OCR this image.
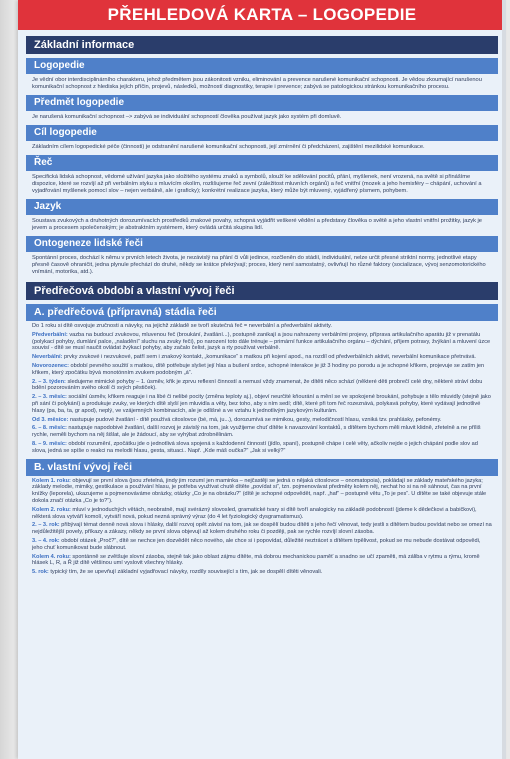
PŘEHLEDOVÁ KARTA – LOGOPEDIE
Základní informace
Logopedie
Je vědní obor interdisciplinárního charakteru, jehož předmětem jsou zákonitosti vzniku, eliminování a prevence narušené komunikační schopnosti. Je vědou zkoumající narušenou komunikační schopnost z hlediska jejích příčin, projevů, následků, možností diagnostiky, terapie i prevence; zabývá se patologickou stránkou komunikačního procesu.
Předmět logopedie
Je narušená komunikační schopnost –> zabývá se individuální schopností člověka používat jazyk jako systém při domluvě.
Cíl logopedie
Základním cílem logopedické péče (činnosti) je odstranění narušené komunikační schopnosti, její zmírnění či předcházení, zajištění mezilidské komunikace.
Řeč
Specifická lidská schopnost, vědomé užívání jazyka jako složitého systému znaků a symbolů, slouží ke sdělování pocitů, přání, myšlenek, není vrozená, na světě si přinášíme dispozice, které se rozvíjí až při verbálním styku s mluvícím okolím, rozlišujeme řeč zevní (záležitost mluvních orgánů) a řeč vnitřní (mozek a jeho hemisféry – chápání, uchování a vyjadřování myšlenek pomocí slov – nejen verbálně, ale i graficky); konkrétní realizace jazyka, který může být mluvený, vyjádřený písmem, pohybem.
Jazyk
Soustava zvukových a druhotných dorozumívacích prostředků znakové povahy, schopná vyjádřit veškeré vědění a představy člověka o světě a jeho vlastní vnitřní prožitky, jazyk je jevem a procesem společenským; je abstraktním systémem, který ovládá určitá skupina lidí.
Ontogeneze lidské řeči
Spontánní proces, dochází k němu v prvních letech života, je nezávislý na přání či vůli jedince, rozčleněn do stádií, individuální, nelze určit přesné striktní normy, jednotlivé etapy přesně časově ohraničit, jedna plynule přechází do druhé, někdy se krátce překrývají; proces, který není samostatný, ovlivňují ho různé faktory (socializace, vývoj senzomotorického vnímání, motorika, atd.).
Předřečová období a vlastní vývoj řeči
A. předřečová (přípravná) stádia řeči
Do 1 roku si dítě osvojuje zručnosti a návyky, na jejichž základě se tvoří skutečná řeč = neverbální a předverbální aktivity.
Předverbální: vazba na budoucí zvukovou, mluvenou řeč (broukání, žvatlání...), postupně zanikají a jsou nahrazeny verbálními projevy, příprava artikulačního aparátu již v prenatálu (polykací pohyby, dumlání palce, „naladění“ sluchu na zvuky řeči), po narození toto dále trénuje – primární funkce artikulačního orgánu – dýchání, příjem potravy, žvýkání a mluvení úzce souvisí - dítě se musí naučit ovládat žvýkací pohyby, aby začalo čelist, jazyk a rty používat verbálně.
Neverbální: prvky zvukové i nezvukové, patří sem i znakový kontakt, „komunikace“ s matkou při kojení apod., na rozdíl od předverbálních aktivit, neverbální komunikace přetrvává.
Novorozenec: období pevného soužití s matkou, dítě potřebuje slyšet její hlas a bušení srdce, schopné interakce je již 3 hodiny po porodu a je schopné křikem, projevuje se zatím jen křikem, který zpočátku bývá monotónním zvukem podobným „á“.
2. – 3. týden: sledujeme mimické pohyby – 1. úsměv, křik je zprvu reflexní činností a nemusí vždy znamenat, že dítěti něco schází (některé děti probrečí celé dny, některé stráví dobu bdění pozorováním svého okolí či svých pěstiček).
2. – 3. měsíc: sociální úsměv, křikem reaguje i na libé či nelibé pocity (změna teploty aj.), objeví neurčité kňourání a mění se ve spokojené broukání, pohybuje s tělo mluvidly (stejně jako při sání či polykání) a produkuje zvuky, ve kterých dítě slyší jen mluvidla a věty, bez toho, aby s ním sedí; dítě, které při tom řeč rozeznává, polykavá pohyby, které vydávají jednotlivé hlasy (pa, ba, ta, gr apod), neplý, ve vzájemných kombinacích, ale je odlišné a ve vztahu k jednotlivým jazykovým kulturám.
Od 3. měsíce: nastupuje pudové žvatlání - dítě používá citoslovce (bé, má, ju...), dorozumívá se mimikou, gesty, melodičností hlasu, vzniká tzv. prahlásky, pefonémy.
6. – 8. měsíc: nastupuje napodobivé žvatlání, další rozvoj je závislý na tom, jak využijeme chuť dítěte k navazování kontaktů, s dítětem bychom měli mluvit klidně, zřetelně a ne příliš rychle, neměli bychom na něj šišlat, ale je žádoucí, aby se vyhýbat zdrobnělinám.
8. – 9. měsíc: období rozumění, zpočátku jde o jednotlivá slova spojená s každodenní činností (jídlo, spaní), postupně chápe i celé věty, ačkoliv nejde o jejich chápání podle slov ad slova, jedná se spíše o reakci na melodii hlasu, gesta, situaci.. Např. „Kde máš oučka?“ „Jak si velký?“
B. vlastní vývoj řeči
Kolem 1. roku: objevují se první slova (jsou zřetelná, jindy jim rozumí jen maminka – nejčastěji se jedná o nějaká citoslovce – onomatopoia), pokládají se základy mateřského jazyka; základy melodie, mimiky, gestikulace a používání hlasu, je potřeba využívat chutě dítěte „povídat si“, tzn. pojmenovávat předměty kolem něj, nechat ho si na ně sáhnout, čas na první knížky (leporela), ukazujeme a pojmenováváme obrázky, otázky „Co je na obrázku?“ (dítě je schopné odpovědět, např. „haf“ – postupně větu „To je pes“. U dítěte se také objevuje stále dokola značí otázka „Co je to?“).
Kolem 2. roku: mluví v jednoduchých větách, neobratně, mají svérázný slovosled, gramatické tvary si dítě tvoří analogicky na základě podobností (jdeme k dědečkovi a babičkovi), některá slova vytváří komolí, vytváří nová, pokud nezná správný výraz (do 4 let fyziologický dysgramatismus).
2. – 3. rok: přibývají témat denně nová slova i hlásky, další rozvoj opět závisí na tom, jak se dospělí budou dítěti s jeho řečí věnovat, tedy jestli s dítětem budou povídat nebo se omezí na nejdůležitější povely, příkazy a zákazy, někdy se první slova objevují až kolem druhého roku či později, pak se rychle rozvíjí slovní zásoba.
3. – 4. rok: období otázek „Proč?“, dítě se nechce jen dozvědět něco nového, ale chce si i popovídat, důležité neztrácet s dítětem trpělivost, pokud se mu nebude dostávat odpovědi, jeho chuť komunikovat bude slábnout.
Kolem 4. roku: spontánně se zvětšuje slovní zásoba, stejně tak jako oblast zájmu dítěte, má dobrou mechanickou paměť a snadno se učí zpaměti, má záliba v rytmu a rýmu, kromě hlásek L, R, a Ř již dítě většinou umí vyslovit všechny hlásky.
5. rok: typický tím, že se upevňují základní vyjadřovací návyky, rozdíly související s tím, jak se dospělí dítěti věnovali.
